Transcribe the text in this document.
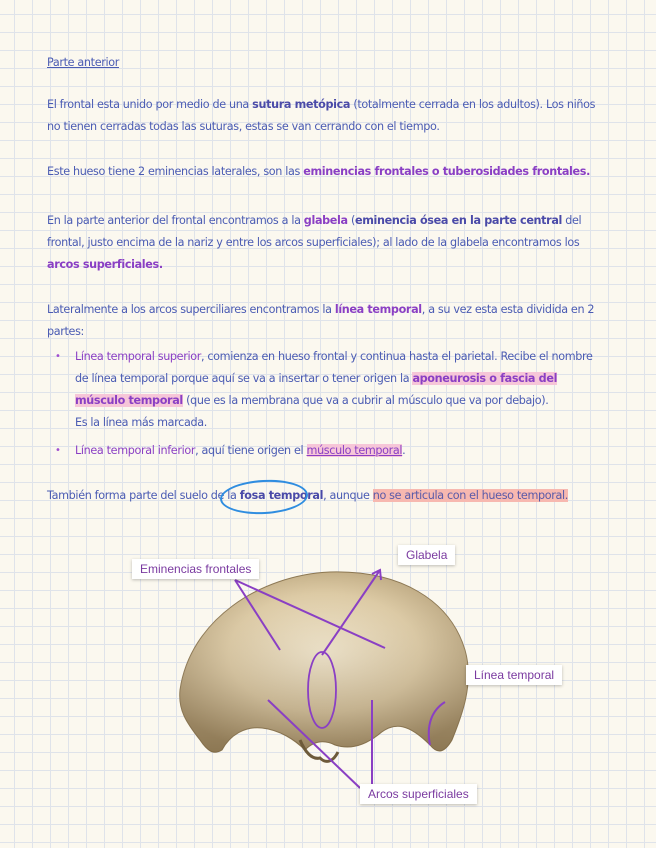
Parte anterior

El frontal esta unido por medio de una sutura metópica (totalmente cerrada en los adultos). Los niños no tienen cerradas todas las suturas, estas se van cerrando con el tiempo.

Este hueso tiene 2 eminencias laterales, son las eminencias frontales o tuberosidades frontales.

En la parte anterior del frontal encontramos a la glabela (eminencia ósea en la parte central del frontal, justo encima de la nariz y entre los arcos superficiales); al lado de la glabela encontramos los arcos superficiales.

Lateralmente a los arcos superciliares encontramos la línea temporal, a su vez esta esta dividida en 2 partes:

• Línea temporal superior, comienza en hueso frontal y continua hasta el parietal. Recibe el nombre de línea temporal porque aquí se va a insertar o tener origen la aponeurosis o fascia del músculo temporal (que es la membrana que va a cubrir al músculo que va por debajo).
Es la línea más marcada.

• Línea temporal inferior, aquí tiene origen el músculo temporal.

También forma parte del suelo de la fosa temporal, aunque no se articula con el hueso temporal.

Eminencias frontales
Glabela
Línea temporal
Arcos superficiales
